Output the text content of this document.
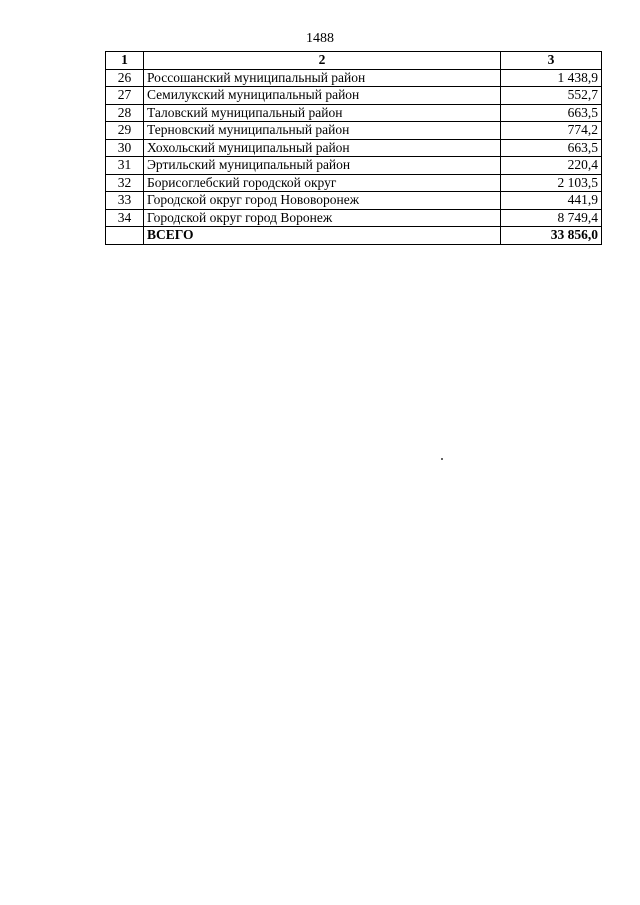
1488
1	2	3
26	Россошанский муниципальный район	1 438,9
27	Семилукский муниципальный район	552,7
28	Таловский муниципальный район	663,5
29	Терновский муниципальный район	774,2
30	Хохольский муниципальный район	663,5
31	Эртильский муниципальный район	220,4
32	Борисоглебский городской округ	2 103,5
33	Городской округ город Нововоронеж	441,9
34	Городской округ город Воронеж	8 749,4
	ВСЕГО	33 856,0
